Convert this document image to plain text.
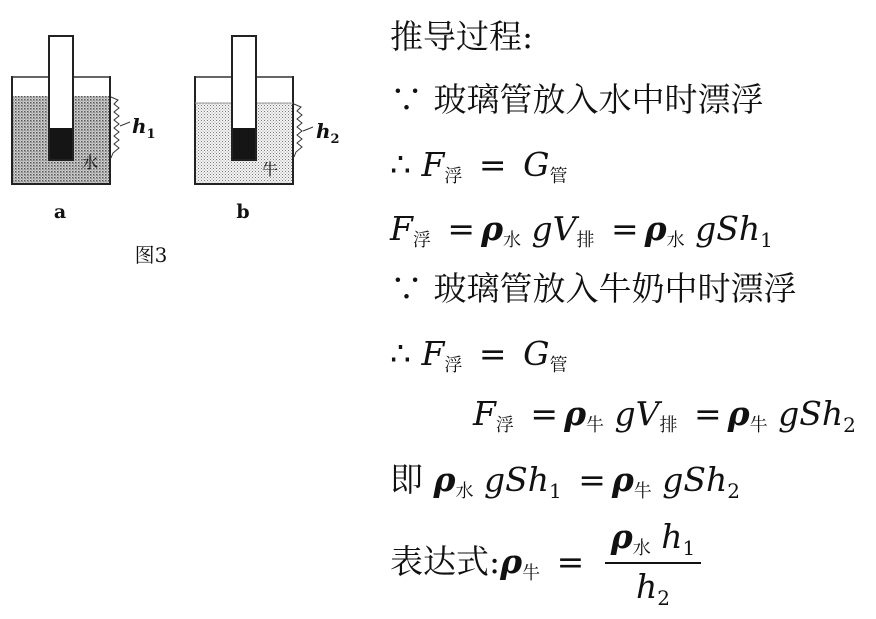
水	牛
$h_1$	$h_2$
a	b
图3
推导过程:
∵ 玻璃管放入水中时漂浮
∴ $F_浮 = G_管$
$F_浮 = \rho_水$ $gV_排 = \rho_水$ gSh$_1$
∵ 玻璃管放入牛奶中时漂浮
∴ $F_浮 = G_管$
$F_浮 = \rho_牛$ $gV_排 = \rho_牛$ gSh$_2$
即 $\rho_水$ $gSh_1 = \rho_牛$ gSh$_2$
表达式$:\rho_牛 = \frac{\rho_水 h_1}{h_2}$
